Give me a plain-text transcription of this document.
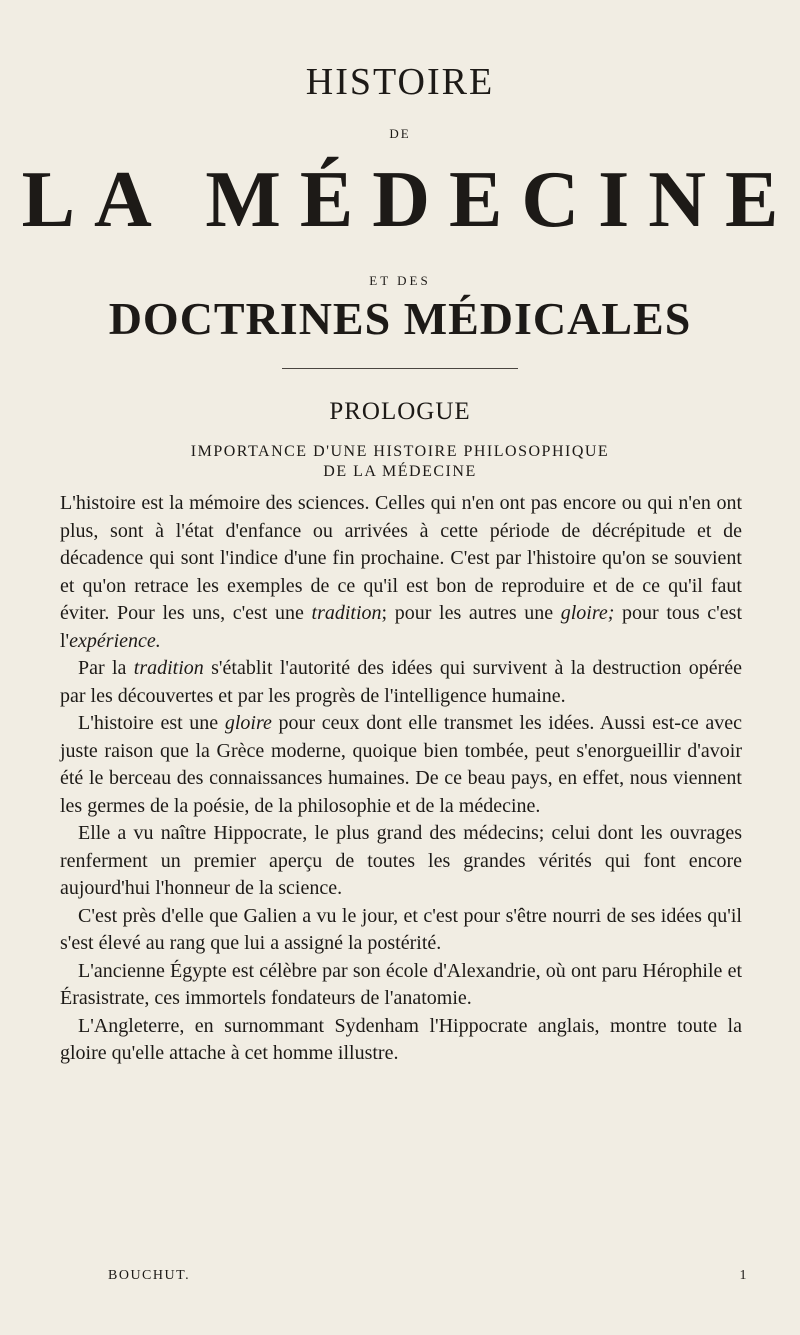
HISTOIRE
DE
LA MÉDECINE
ET DES
DOCTRINES MÉDICALES
PROLOGUE
IMPORTANCE D'UNE HISTOIRE PHILOSOPHIQUE
DE LA MÉDECINE

L'histoire est la mémoire des sciences. Celles qui n'en ont pas encore ou qui n'en ont plus, sont à l'état d'enfance ou arrivées à cette période de décrépitude et de décadence qui sont l'indice d'une fin prochaine. C'est par l'histoire qu'on se souvient et qu'on retrace les exemples de ce qu'il est bon de reproduire et de ce qu'il faut éviter. Pour les uns, c'est une tradition; pour les autres une gloire; pour tous c'est l'expérience.

Par la tradition s'établit l'autorité des idées qui survivent à la destruction opérée par les découvertes et par les progrès de l'intelligence humaine.

L'histoire est une gloire pour ceux dont elle transmet les idées. Aussi est-ce avec juste raison que la Grèce moderne, quoique bien tombée, peut s'enorgueillir d'avoir été le berceau des connaissances humaines. De ce beau pays, en effet, nous viennent les germes de la poésie, de la philosophie et de la médecine.

Elle a vu naître Hippocrate, le plus grand des médecins; celui dont les ouvrages renferment un premier aperçu de toutes les grandes vérités qui font encore aujourd'hui l'honneur de la science.

C'est près d'elle que Galien a vu le jour, et c'est pour s'être nourri de ses idées qu'il s'est élevé au rang que lui a assigné la postérité.

L'ancienne Égypte est célèbre par son école d'Alexandrie, où ont paru Hérophile et Érasistrate, ces immortels fondateurs de l'anatomie.

L'Angleterre, en surnommant Sydenham l'Hippocrate anglais, montre toute la gloire qu'elle attache à cet homme illustre.

BOUCHUT.	1
